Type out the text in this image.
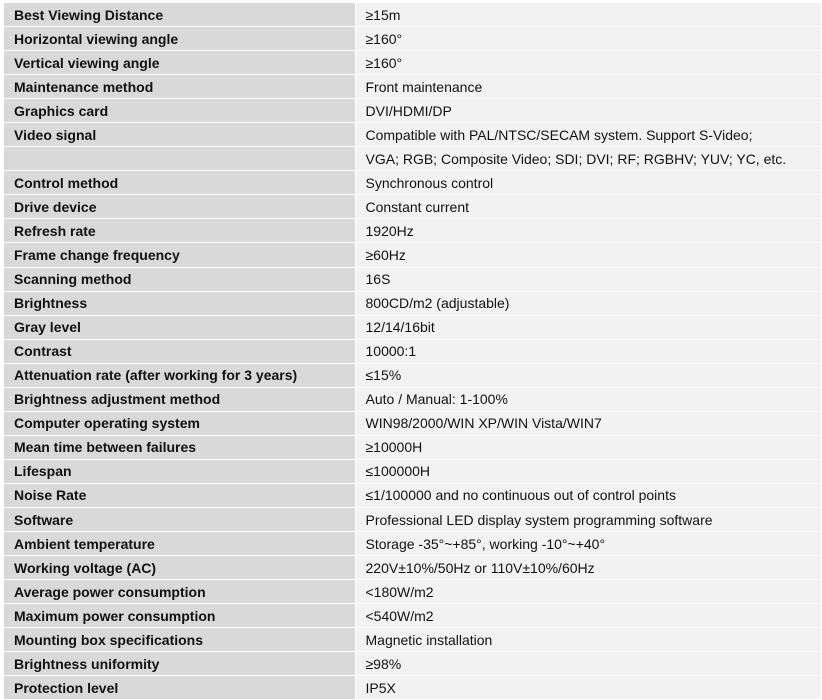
Best Viewing Distance	≥15m
Horizontal viewing angle	≥160°
Vertical viewing angle	≥160°
Maintenance method	Front maintenance
Graphics card	DVI/HDMI/DP
Video signal	Compatible with PAL/NTSC/SECAM system. Support S-Video;
	VGA; RGB; Composite Video; SDI; DVI; RF; RGBHV; YUV; YC, etc.
Control method	Synchronous control
Drive device	Constant current
Refresh rate	1920Hz
Frame change frequency	≥60Hz
Scanning method	16S
Brightness	800CD/m2 (adjustable)
Gray level	12/14/16bit
Contrast	10000:1
Attenuation rate (after working for 3 years)	≤15%
Brightness adjustment method	Auto / Manual: 1-100%
Computer operating system	WIN98/2000/WIN XP/WIN Vista/WIN7
Mean time between failures	≥10000H
Lifespan	≤100000H
Noise Rate	≤1/100000 and no continuous out of control points
Software	Professional LED display system programming software
Ambient temperature	Storage -35°~+85°, working -10°~+40°
Working voltage (AC)	220V±10%/50Hz or 110V±10%/60Hz
Average power consumption	<180W/m2
Maximum power consumption	<540W/m2
Mounting box specifications	Magnetic installation
Brightness uniformity	≥98%
Protection level	IP5X
